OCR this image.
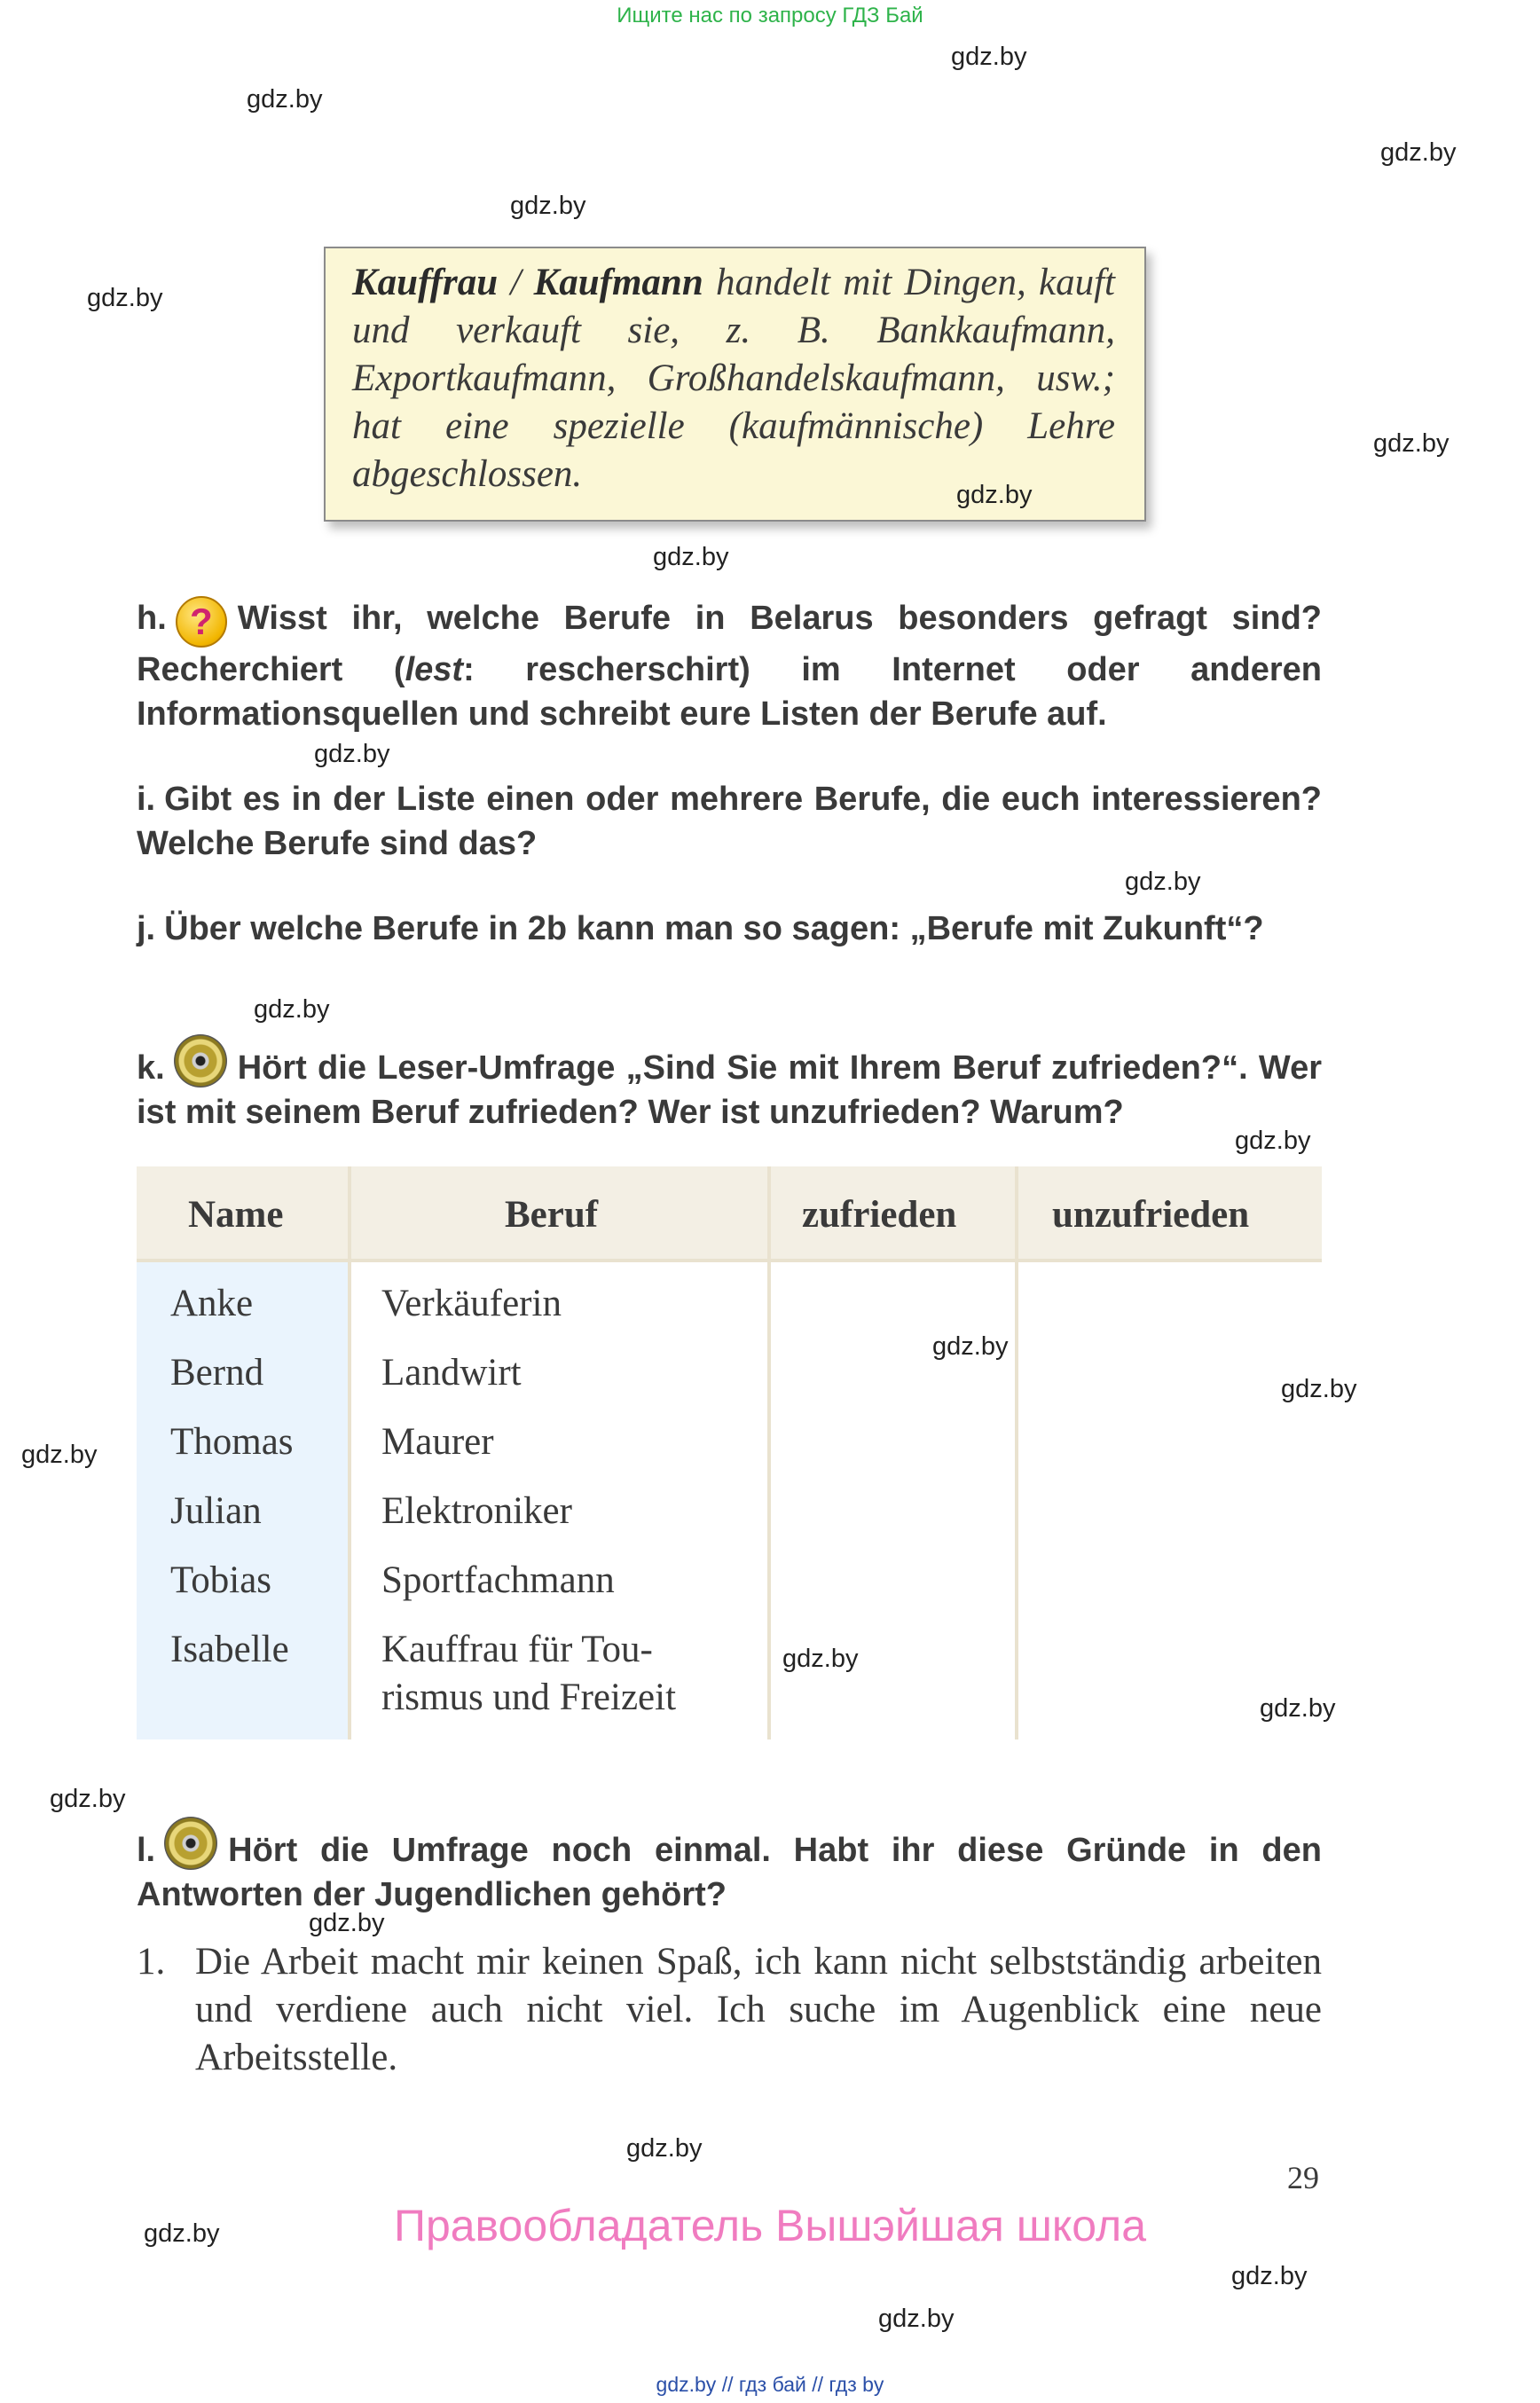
Ищите нас по запросу ГДЗ Бай
gdz.by
gdz.by
gdz.by
gdz.by
gdz.by
gdz.by
gdz.by
gdz.by
gdz.by
gdz.by
gdz.by
gdz.by
gdz.by
gdz.by
gdz.by
gdz.by
gdz.by
gdz.by
gdz.by
gdz.by
gdz.by
gdz.by
Kauffrau / Kaufmann handelt mit Dingen, kauft und verkauft sie, z. B. Bankkaufmann, Exportkaufmann, Großhandelskaufmann, usw.; hat eine spezielle (kaufmännische) Lehre abgeschlossen.	gdz.by
h. ? Wisst ihr, welche Berufe in Belarus besonders gefragt sind? Recherchiert (lest: rescherschirt) im Internet oder anderen Informationsquellen und schreibt eure Listen der Berufe auf.
i. Gibt es in der Liste einen oder mehrere Berufe, die euch interessieren? Welche Berufe sind das?
j. Über welche Berufe in 2b kann man so sagen: „Berufe mit Zukunft“?
k. Hört die Leser-Umfrage „Sind Sie mit Ihrem Beruf zufrieden?“. Wer ist mit seinem Beruf zufrieden? Wer ist unzufrieden? Warum?
Name	Beruf	zufrieden	unzufrieden
Anke	Verkäuferin
Bernd	Landwirt
Thomas Maurer
Julian	Elektroniker
Tobias	Sportfachmann
Isabelle Kauffrau für Tou-
rismus und Freizeit
l. Hört die Umfrage noch einmal. Habt ihr diese Gründe in den Antworten der Jugendlichen gehört?
1. Die Arbeit macht mir keinen Spaß, ich kann nicht selbstständig arbeiten und verdiene auch nicht viel. Ich suche im Augenblick eine neue Arbeitsstelle.
29
Правообладатель Вышэйшая школа
gdz.by // гдз бай // гдз by
